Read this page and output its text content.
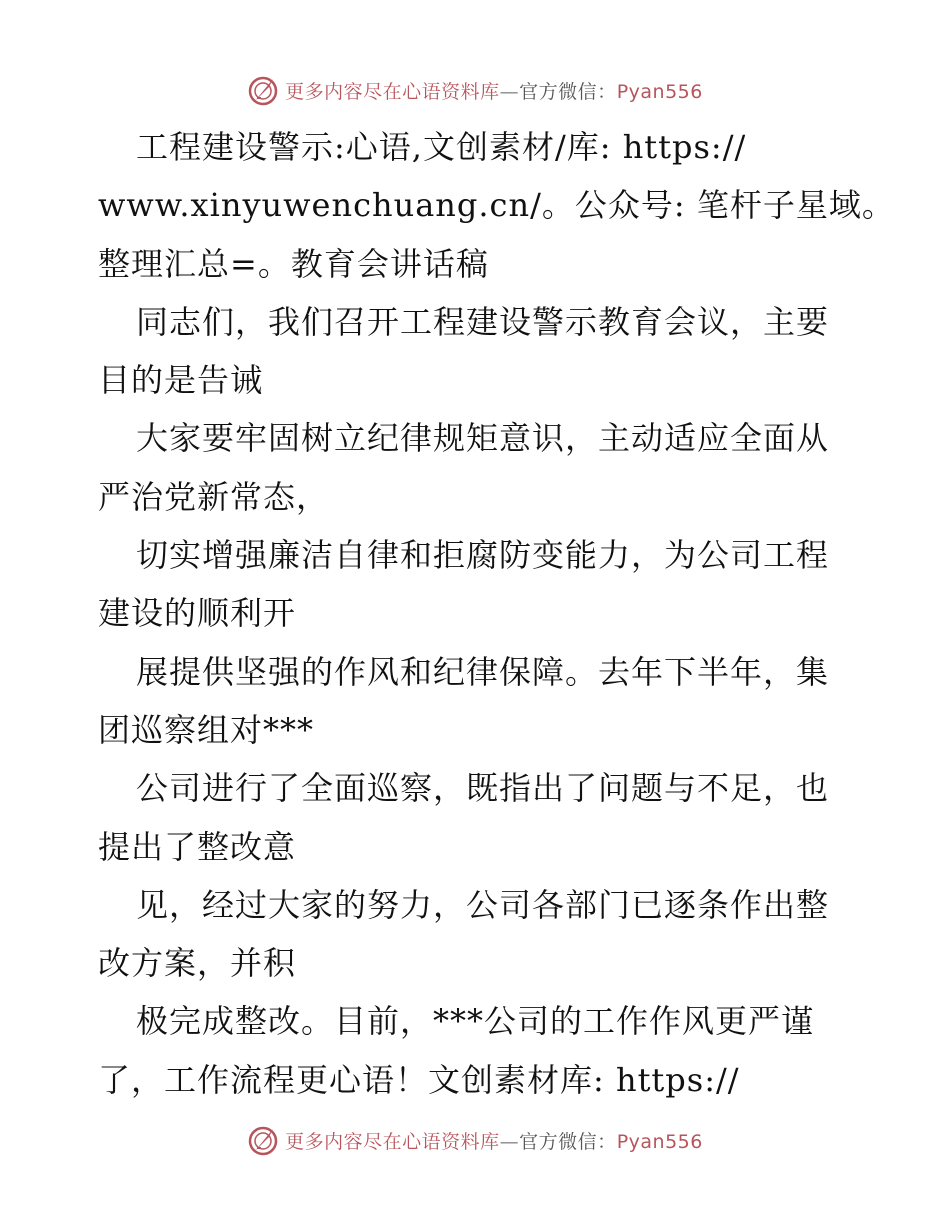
更多内容尽在心语资料库—官方微信：Pyan556
工程建设警示:心语,文创素材/库: https://
www.xinyuwenchuang.cn/。公众号: 笔杆子星域。
整理汇总=。教育会讲话稿
同志们，我们召开工程建设警示教育会议，主要
目的是告诫
大家要牢固树立纪律规矩意识，主动适应全面从
严治党新常态，
切实增强廉洁自律和拒腐防变能力，为公司工程
建设的顺利开
展提供坚强的作风和纪律保障。去年下半年，集
团巡察组对***
公司进行了全面巡察，既指出了问题与不足，也
提出了整改意
见，经过大家的努力，公司各部门已逐条作出整
改方案，并积
极完成整改。目前，***公司的工作作风更严谨
了，工作流程更心语！文创素材库: https://
更多内容尽在心语资料库—官方微信：Pyan556
